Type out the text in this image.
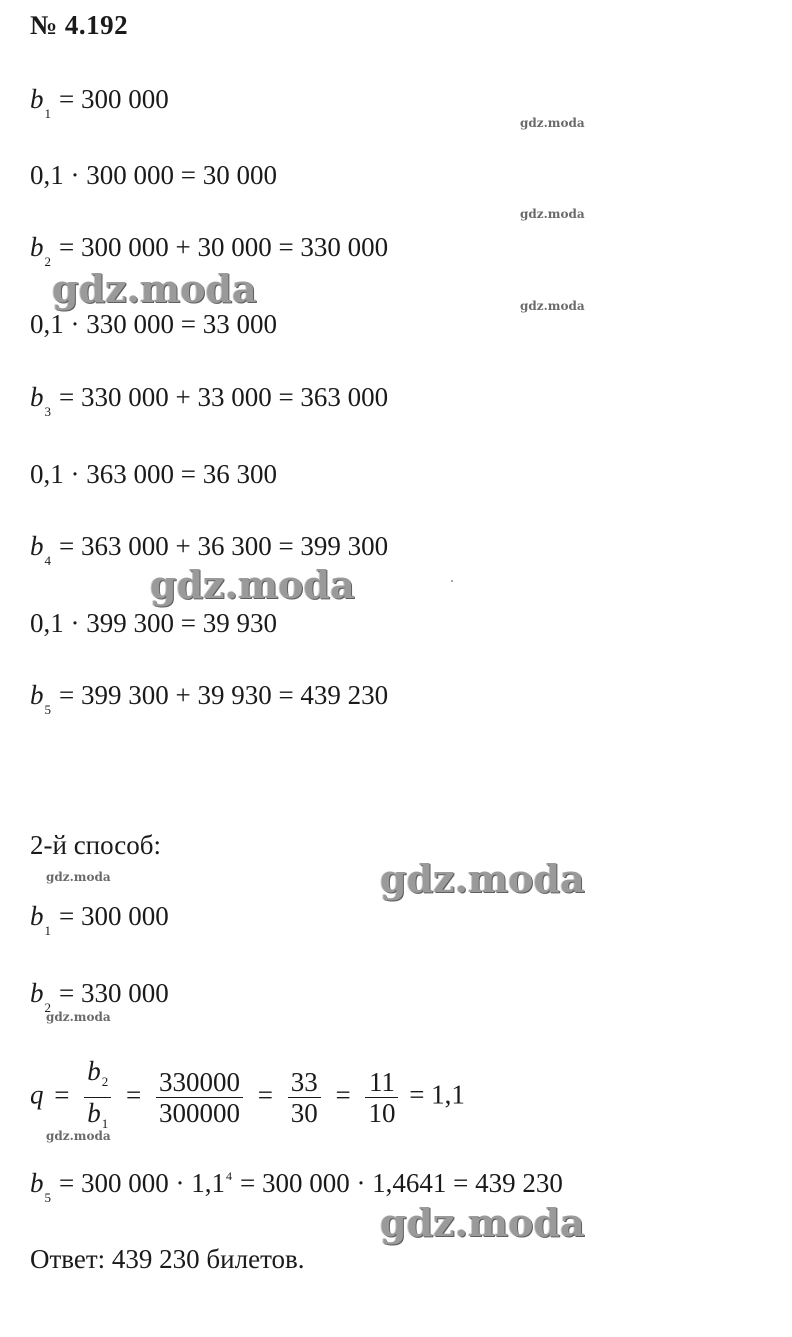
№ 4.192
$b_1 = 300$ 000
0,1 · 300 000 = 30 000
$b_2 = 300$ 000 + 30 000 = 330 000
0,1 · 330 000 = 33 000
$b_3 = 330$ 000 + 33 000 = 363 000
0,1 · 363 000 = 36 300
$b_4 = 363$ 000 + 36 300 = 399 300
0,1 · 399 300 = 39 930
$b_5 = 399$ 300 + 39 930 = 439 230
2-й способ:
$b_1 = 300$ 000
$b_2 = 330$ 000
$q = \frac{b_2}{b_1} = \frac{330000}{300000} = \frac{33}{30} = \frac{11}{10} = 1,1$
$b_5 = 300$ $000 \cdot 1,1^4 = 300$ 000 · 1,4641 = 439 230
Ответ: 439 230 билетов.
gdz.moda
gdz.moda
gdz.moda
gdz.moda
gdz.moda
gdz.moda	gdz.moda
gdz.moda
gdz.moda
gdz.moda
